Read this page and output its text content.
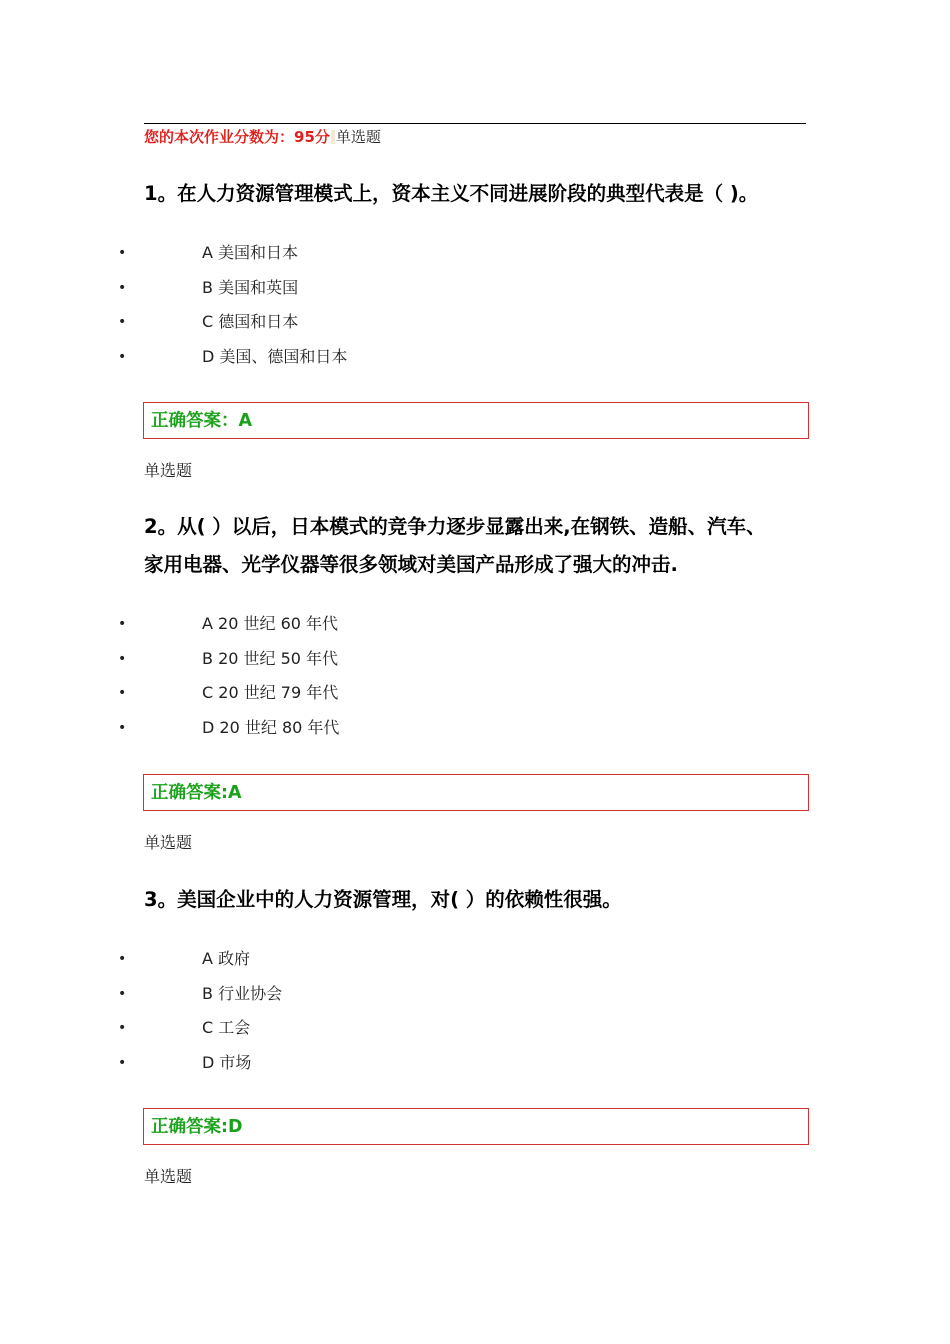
您的本次作业分数为：95分 单选题
1。在人力资源管理模式上，资本主义不同进展阶段的典型代表是（ )。
•	A 美国和日本
•	B 美国和英国
•	C 德国和日本
•	D 美国、德国和日本
正确答案：A
单选题
2。从( ）以后，日本模式的竞争力逐步显露出来,在钢铁、造船、汽车、
家用电器、光学仪器等很多领域对美国产品形成了强大的冲击.
•	A 20 世纪 60 年代
•	B 20 世纪 50 年代
•	C 20 世纪 79 年代
•	D 20 世纪 80 年代
正确答案:A
单选题
3。美国企业中的人力资源管理，对( ）的依赖性很强。
•	A 政府
•	B 行业协会
•	C 工会
•	D 市场
正确答案:D
单选题
